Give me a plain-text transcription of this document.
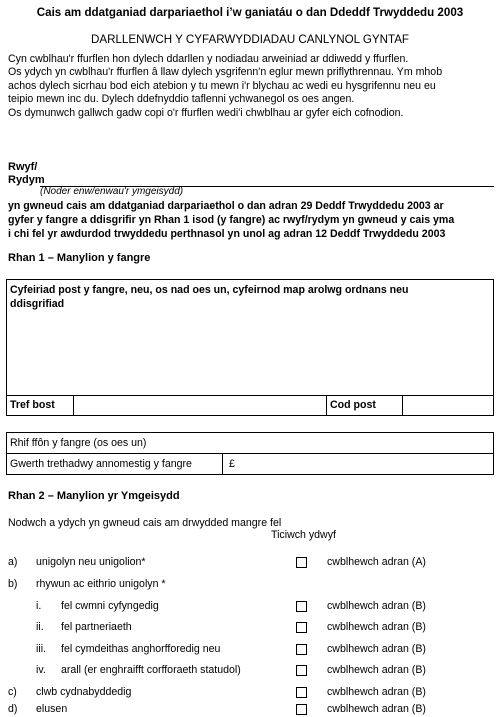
Cais am ddatganiad darpariaethol i’w ganiatáu o dan Ddeddf Trwyddedu 2003
DARLLENWCH Y CYFARWYDDIADAU CANLYNOL GYNTAF
Cyn cwblhau'r ffurflen hon dylech ddarllen y nodiadau arweiniad ar ddiwedd y ffurflen.
Os ydych yn cwblhau'r ffurflen â llaw dylech ysgrifenn'n eglur mewn priflythrennau. Ym mhob
achos dylech sicrhau bod eich atebion y tu mewn i'r blychau ac wedi eu hysgrifennu neu eu
teipio mewn inc du. Dylech ddefnyddio taflenni ychwanegol os oes angen.
Os dymunwch gallwch gadw copi o'r ffurflen wedi'i chwblhau ar gyfer eich cofnodion.
Rwyf/
Rydym
(Noder enw/enwau'r ymgeisydd)
yn gwneud cais am ddatganiad darpariaethol o dan adran 29 Deddf Trwyddedu 2003 ar
gyfer y fangre a ddisgrifir yn Rhan 1 isod (y fangre) ac rwyf/rydym yn gwneud y cais yma
i chi fel yr awdurdod trwyddedu perthnasol yn unol ag adran 12 Deddf Trwyddedu 2003
Rhan 1 – Manylion y fangre
Cyfeiriad post y fangre, neu, os nad oes un, cyfeirnod map arolwg ordnans neu
ddisgrifiad
Tref bost	Cod post
Rhif ffôn y fangre (os oes un)
Gwerth trethadwy annomestig y fangre	£
Rhan 2 – Manylion yr Ymgeisydd
Nodwch a ydych yn gwneud cais am drwydded mangre fel
Ticiwch ydwyf
a) unigolyn neu unigolion*	cwblhewch adran (A)
b) rhywun ac eithrio unigolyn *
i. fel cwmni cyfyngedig	cwblhewch adran (B)
ii. fel partneriaeth	cwblhewch adran (B)
iii. fel cymdeithas anghorfforedig neu	cwblhewch adran (B)
iv. arall (er enghraifft corfforaeth statudol)	cwblhewch adran (B)
c) clwb cydnabyddedig	cwblhewch adran (B)
d) elusen	cwblhewch adran (B)
